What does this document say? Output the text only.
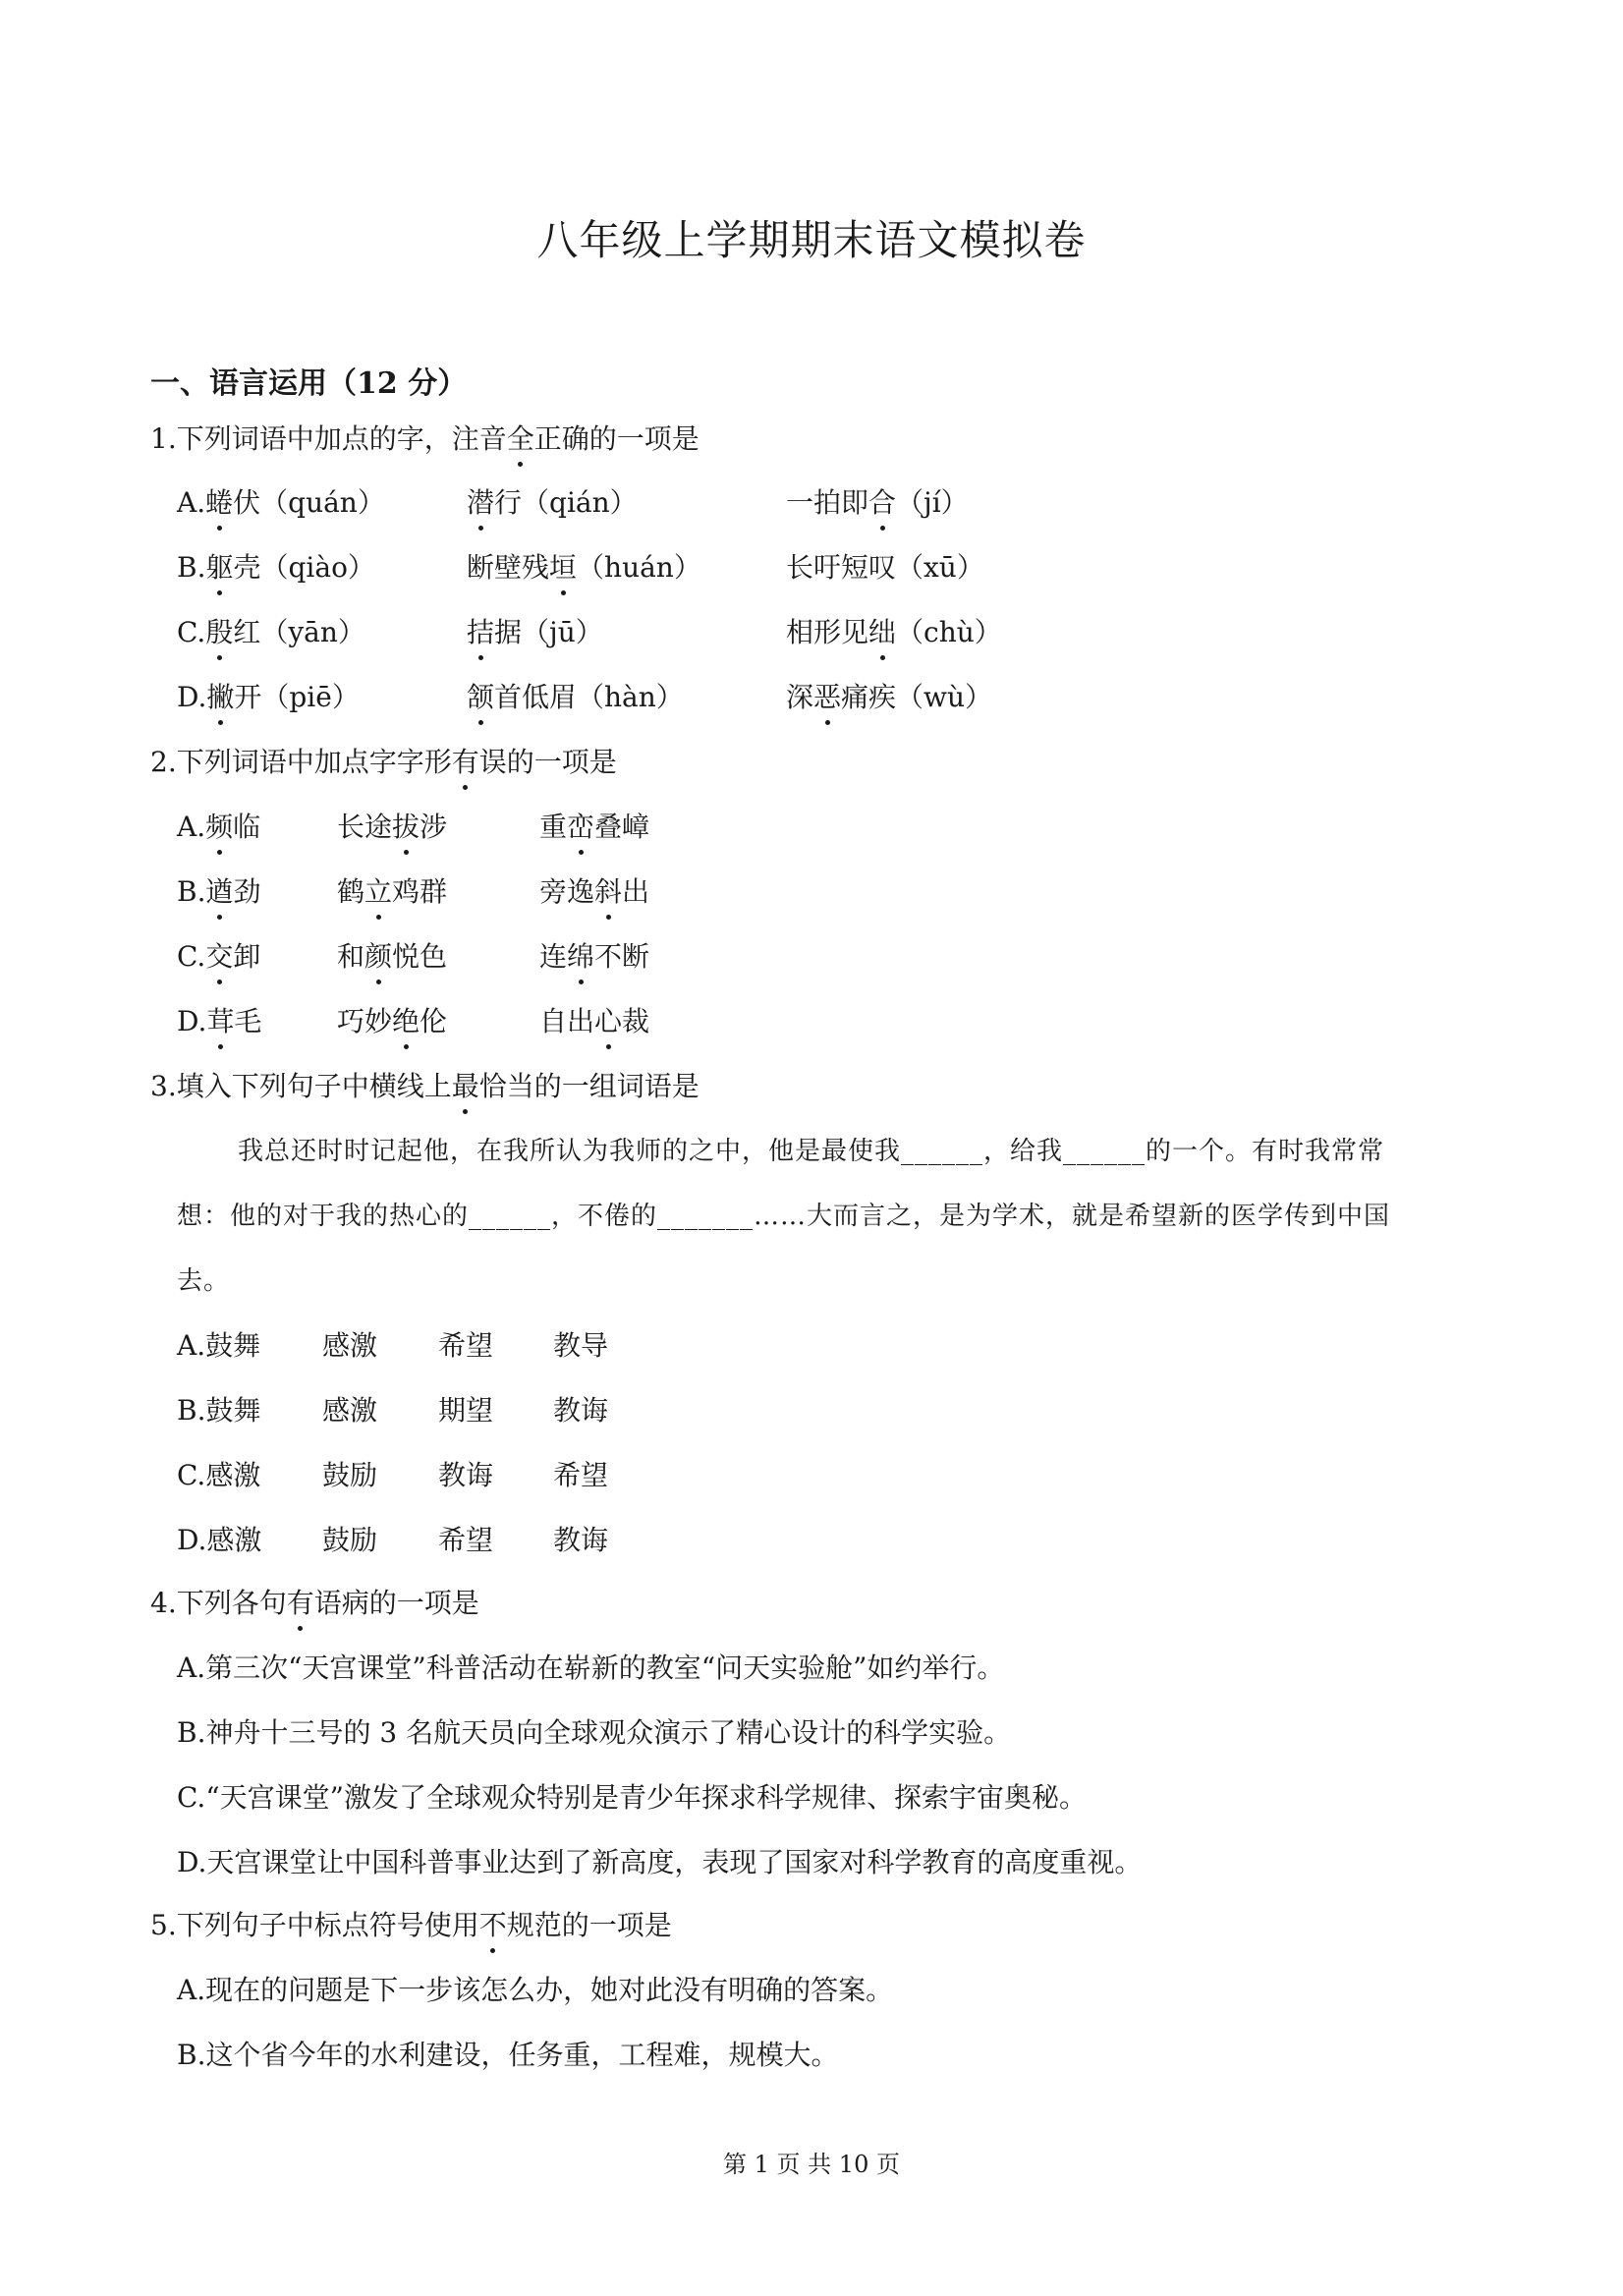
八年级上学期期末语文模拟卷
一、语言运用（12 分）
1.下列词语中加点的字，注音全正确的一项是
A.蜷伏（quán）	潜行（qián）	一拍即合（jí）
B.躯壳（qiào）	断壁残垣（huán）	长吁短叹（xū）
C.殷红（yān）	拮据（jū）	相形见绌（chù）
D.撇开（piē）	颔首低眉（hàn）	深恶痛疾（wù）
2.下列词语中加点字字形有误的一项是
A.频临	长途拔涉	重峦叠嶂
B.遒劲	鹤立鸡群	旁逸斜出
C.交卸	和颜悦色	连绵不断
D.茸毛	巧妙绝伦	自出心裁
3.填入下列句子中横线上最恰当的一组词语是
我总还时时记起他，在我所认为我师的之中，他是最使我______，给我______的一个。有时我常常
想：他的对于我的热心的______，不倦的_______……大而言之，是为学术，就是希望新的医学传到中国
去。
A.鼓舞 感激 希望 教导
B.鼓舞 感激 期望 教诲
C.感激 鼓励 教诲 希望
D.感激 鼓励 希望 教诲
4.下列各句有语病的一项是
A.第三次“天宫课堂”科普活动在崭新的教室“问天实验舱”如约举行。
B.神舟十三号的 3 名航天员向全球观众演示了精心设计的科学实验。
C.“天宫课堂”激发了全球观众特别是青少年探求科学规律、探索宇宙奥秘。
D.天宫课堂让中国科普事业达到了新高度，表现了国家对科学教育的高度重视。
5.下列句子中标点符号使用不规范的一项是
A.现在的问题是下一步该怎么办，她对此没有明确的答案。
B.这个省今年的水利建设，任务重，工程难，规模大。
第 1 页 共 10 页
